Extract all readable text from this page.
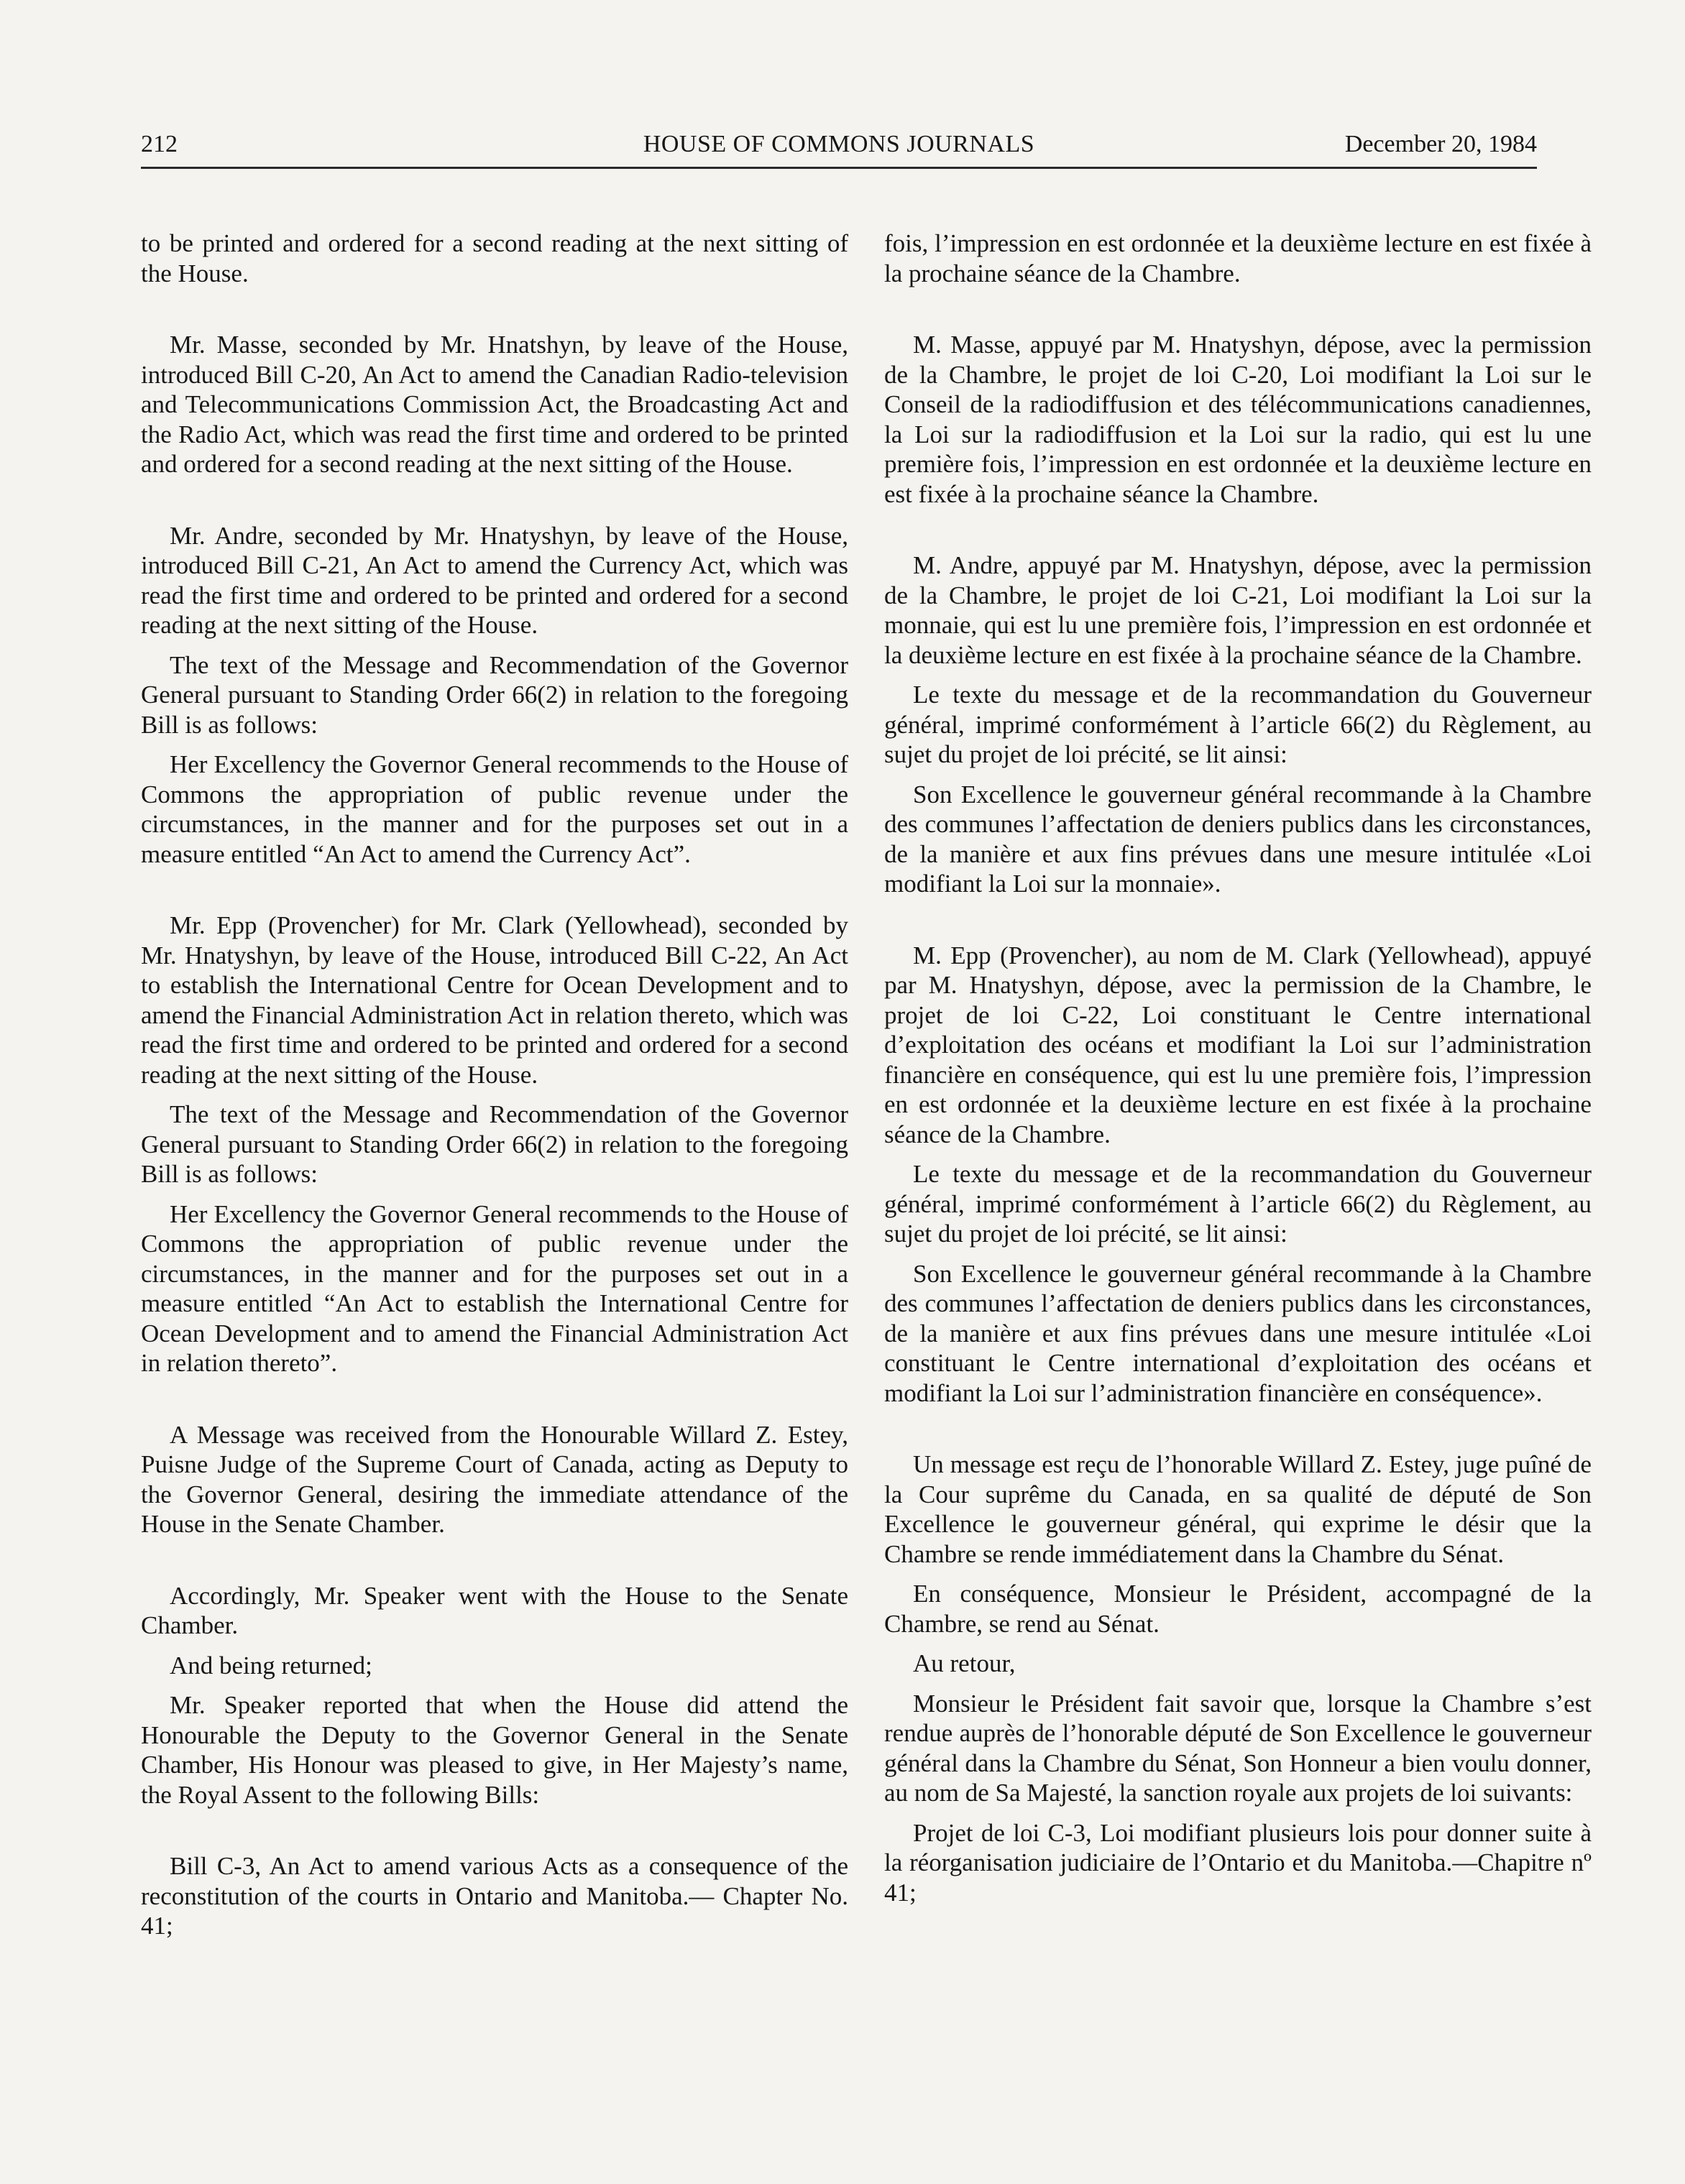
212	HOUSE OF COMMONS JOURNALS	December 20, 1984

to be printed and ordered for a second reading at the next sitting of the House.

Mr. Masse, seconded by Mr. Hnatshyn, by leave of the House, introduced Bill C-20, An Act to amend the Canadian Radio-television and Telecommunications Commission Act, the Broadcasting Act and the Radio Act, which was read the first time and ordered to be printed and ordered for a second reading at the next sitting of the House.

Mr. Andre, seconded by Mr. Hnatyshyn, by leave of the House, introduced Bill C-21, An Act to amend the Currency Act, which was read the first time and ordered to be printed and ordered for a second reading at the next sitting of the House.

The text of the Message and Recommendation of the Governor General pursuant to Standing Order 66(2) in relation to the foregoing Bill is as follows:

Her Excellency the Governor General recommends to the House of Commons the appropriation of public revenue under the circumstances, in the manner and for the purposes set out in a measure entitled “An Act to amend the Currency Act”.

Mr. Epp (Provencher) for Mr. Clark (Yellowhead), seconded by Mr. Hnatyshyn, by leave of the House, introduced Bill C-22, An Act to establish the International Centre for Ocean Development and to amend the Financial Administration Act in relation thereto, which was read the first time and ordered to be printed and ordered for a second reading at the next sitting of the House.

The text of the Message and Recommendation of the Governor General pursuant to Standing Order 66(2) in relation to the foregoing Bill is as follows:

Her Excellency the Governor General recommends to the House of Commons the appropriation of public revenue under the circumstances, in the manner and for the purposes set out in a measure entitled “An Act to establish the International Centre for Ocean Development and to amend the Financial Administration Act in relation thereto”.

A Message was received from the Honourable Willard Z. Estey, Puisne Judge of the Supreme Court of Canada, acting as Deputy to the Governor General, desiring the immediate attendance of the House in the Senate Chamber.

Accordingly, Mr. Speaker went with the House to the Senate Chamber.

And being returned;

Mr. Speaker reported that when the House did attend the Honourable the Deputy to the Governor General in the Senate Chamber, His Honour was pleased to give, in Her Majesty’s name, the Royal Assent to the following Bills:

Bill C-3, An Act to amend various Acts as a consequence of the reconstitution of the courts in Ontario and Manitoba.— Chapter No. 41;

fois, l’impression en est ordonnée et la deuxième lecture en est fixée à la prochaine séance de la Chambre.

M. Masse, appuyé par M. Hnatyshyn, dépose, avec la permission de la Chambre, le projet de loi C-20, Loi modifiant la Loi sur le Conseil de la radiodiffusion et des télécommunications canadiennes, la Loi sur la radiodiffusion et la Loi sur la radio, qui est lu une première fois, l’impression en est ordonnée et la deuxième lecture en est fixée à la prochaine séance la Chambre.

M. Andre, appuyé par M. Hnatyshyn, dépose, avec la permission de la Chambre, le projet de loi C-21, Loi modifiant la Loi sur la monnaie, qui est lu une première fois, l’impression en est ordonnée et la deuxième lecture en est fixée à la prochaine séance de la Chambre.

Le texte du message et de la recommandation du Gouverneur général, imprimé conformément à l’article 66(2) du Règlement, au sujet du projet de loi précité, se lit ainsi:

Son Excellence le gouverneur général recommande à la Chambre des communes l’affectation de deniers publics dans les circonstances, de la manière et aux fins prévues dans une mesure intitulée «Loi modifiant la Loi sur la monnaie».

M. Epp (Provencher), au nom de M. Clark (Yellowhead), appuyé par M. Hnatyshyn, dépose, avec la permission de la Chambre, le projet de loi C-22, Loi constituant le Centre international d’exploitation des océans et modifiant la Loi sur l’administration financière en conséquence, qui est lu une première fois, l’impression en est ordonnée et la deuxième lecture en est fixée à la prochaine séance de la Chambre.

Le texte du message et de la recommandation du Gouverneur général, imprimé conformément à l’article 66(2) du Règlement, au sujet du projet de loi précité, se lit ainsi:

Son Excellence le gouverneur général recommande à la Chambre des communes l’affectation de deniers publics dans les circonstances, de la manière et aux fins prévues dans une mesure intitulée «Loi constituant le Centre international d’exploitation des océans et modifiant la Loi sur l’administration financière en conséquence».

Un message est reçu de l’honorable Willard Z. Estey, juge puîné de la Cour suprême du Canada, en sa qualité de député de Son Excellence le gouverneur général, qui exprime le désir que la Chambre se rende immédiatement dans la Chambre du Sénat.

En conséquence, Monsieur le Président, accompagné de la Chambre, se rend au Sénat.

Au retour,

Monsieur le Président fait savoir que, lorsque la Chambre s’est rendue auprès de l’honorable député de Son Excellence le gouverneur général dans la Chambre du Sénat, Son Honneur a bien voulu donner, au nom de Sa Majesté, la sanction royale aux projets de loi suivants:

Projet de loi C-3, Loi modifiant plusieurs lois pour donner suite à la réorganisation judiciaire de l’Ontario et du Manitoba.—Chapitre nº 41;
